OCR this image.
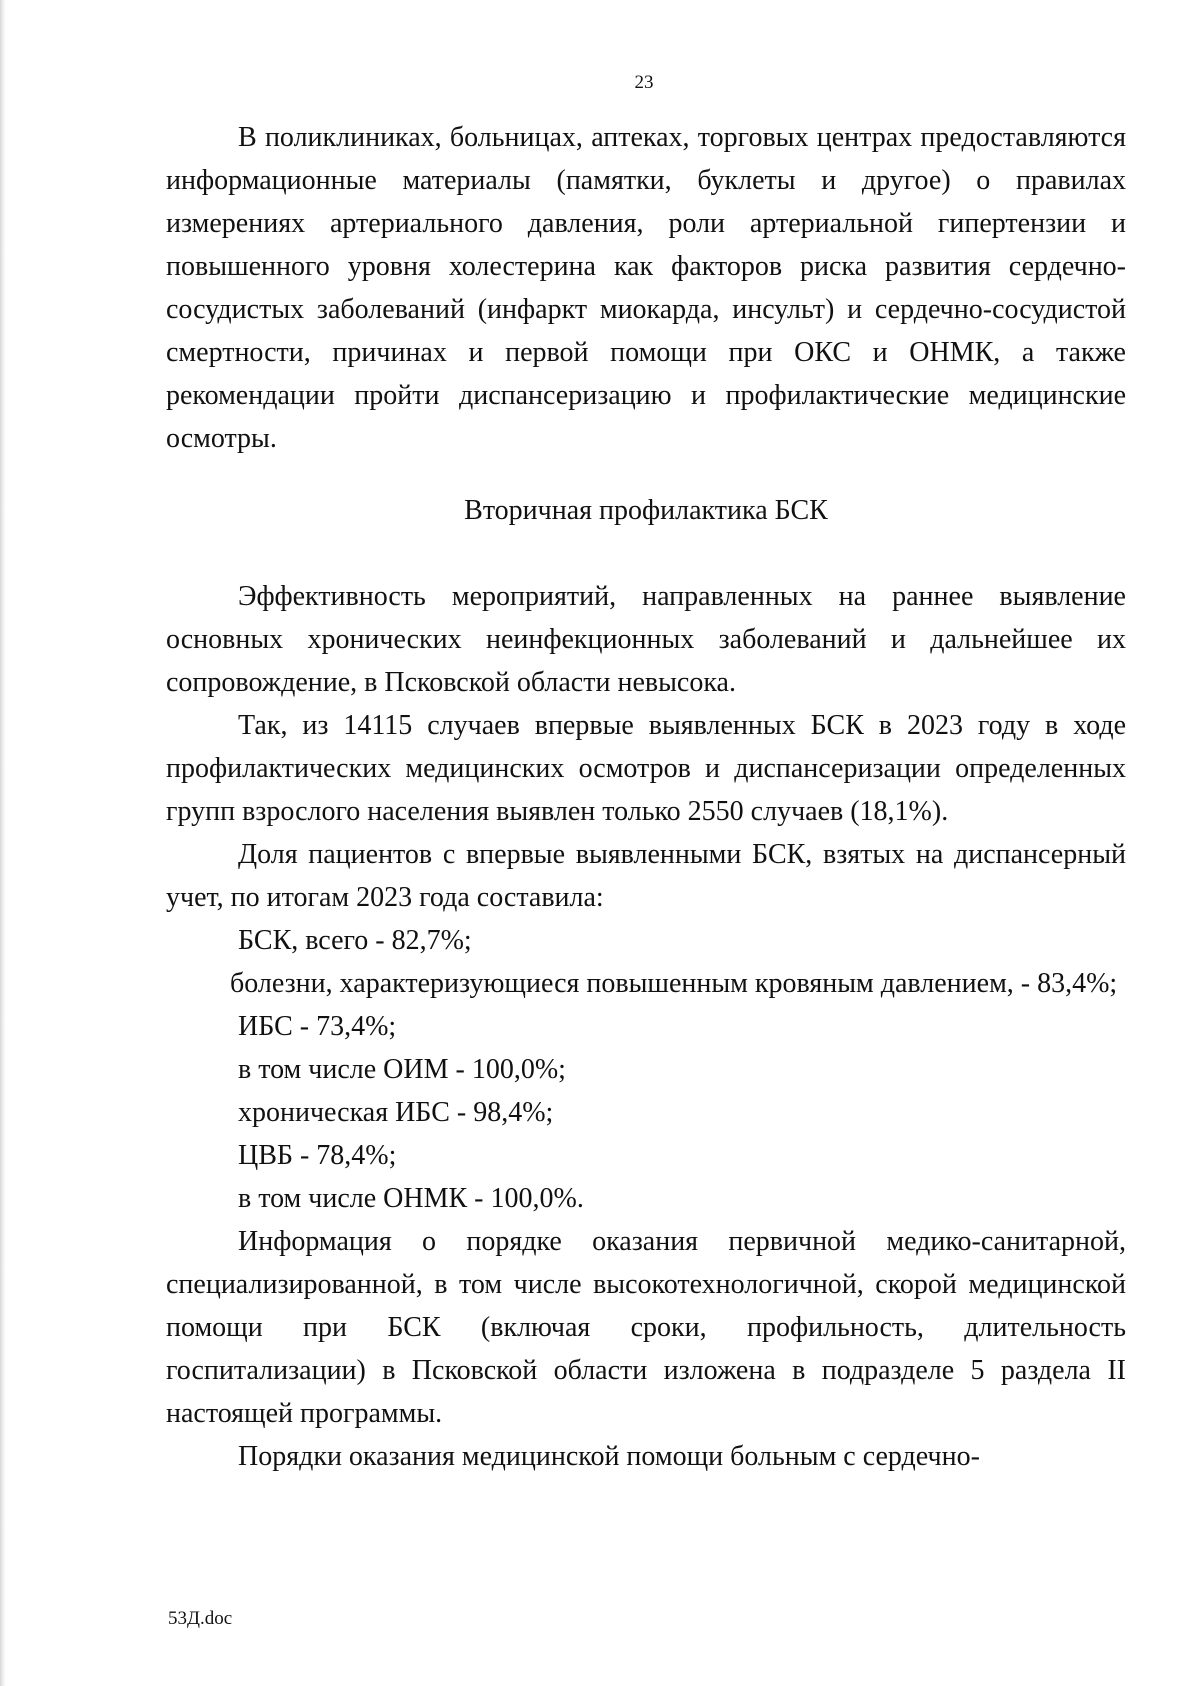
23

В поликлиниках, больницах, аптеках, торговых центрах предоставляются информационные материалы (памятки, буклеты и другое) о правилах измерениях артериального давления, роли артериальной гипертензии и повышенного уровня холестерина как факторов риска развития сердечно-сосудистых заболеваний (инфаркт миокарда, инсульт) и сердечно-сосудистой смертности, причинах и первой помощи при ОКС и ОНМК, а также рекомендации пройти диспансеризацию и профилактические медицинские осмотры.

Вторичная профилактика БСК

Эффективность мероприятий, направленных на раннее выявление основных хронических неинфекционных заболеваний и дальнейшее их сопровождение, в Псковской области невысока.

Так, из 14115 случаев впервые выявленных БСК в 2023 году в ходе профилактических медицинских осмотров и диспансеризации определенных групп взрослого населения выявлен только 2550 случаев (18,1%).

Доля пациентов с впервые выявленными БСК, взятых на диспансерный учет, по итогам 2023 года составила:

БСК, всего - 82,7%;

болезни, характеризующиеся повышенным кровяным давлением, - 83,4%;

ИБС - 73,4%;

в том числе ОИМ - 100,0%;

хроническая ИБС - 98,4%;

ЦВБ - 78,4%;

в том числе ОНМК - 100,0%.

Информация о порядке оказания первичной медико-санитарной, специализированной, в том числе высокотехнологичной, скорой медицинской помощи при БСК (включая сроки, профильность, длительность госпитализации) в Псковской области изложена в подразделе 5 раздела II настоящей программы.

Порядки оказания медицинской помощи больным с сердечно-

53Д.doc
